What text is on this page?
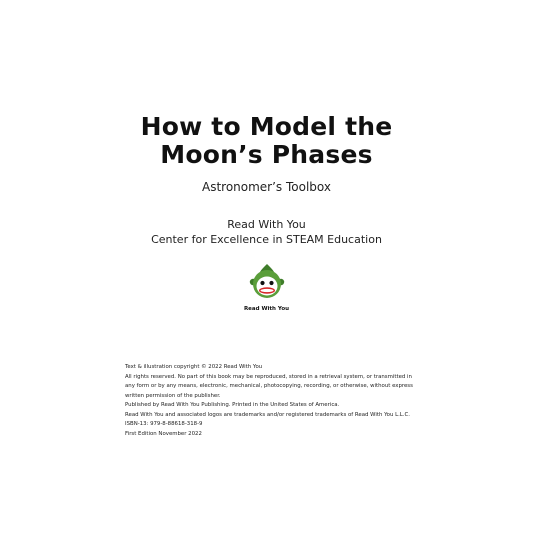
How to Model the
Moon’s Phases
Astronomer’s Toolbox
Read With You
Center for Excellence in STEAM Education
Read With You
Text & illustration copyright © 2022 Read With You
All rights reserved. No part of this book may be reproduced, stored in a retrieval system, or transmitted in
any form or by any means, electronic, mechanical, photocopying, recording, or otherwise, without express
written permission of the publisher.
Published by Read With You Publishing. Printed in the United States of America.
Read With You and associated logos are trademarks and/or registered trademarks of Read With You L.L.C.
ISBN-13: 979-8-88618-318-9
First Edition November 2022
